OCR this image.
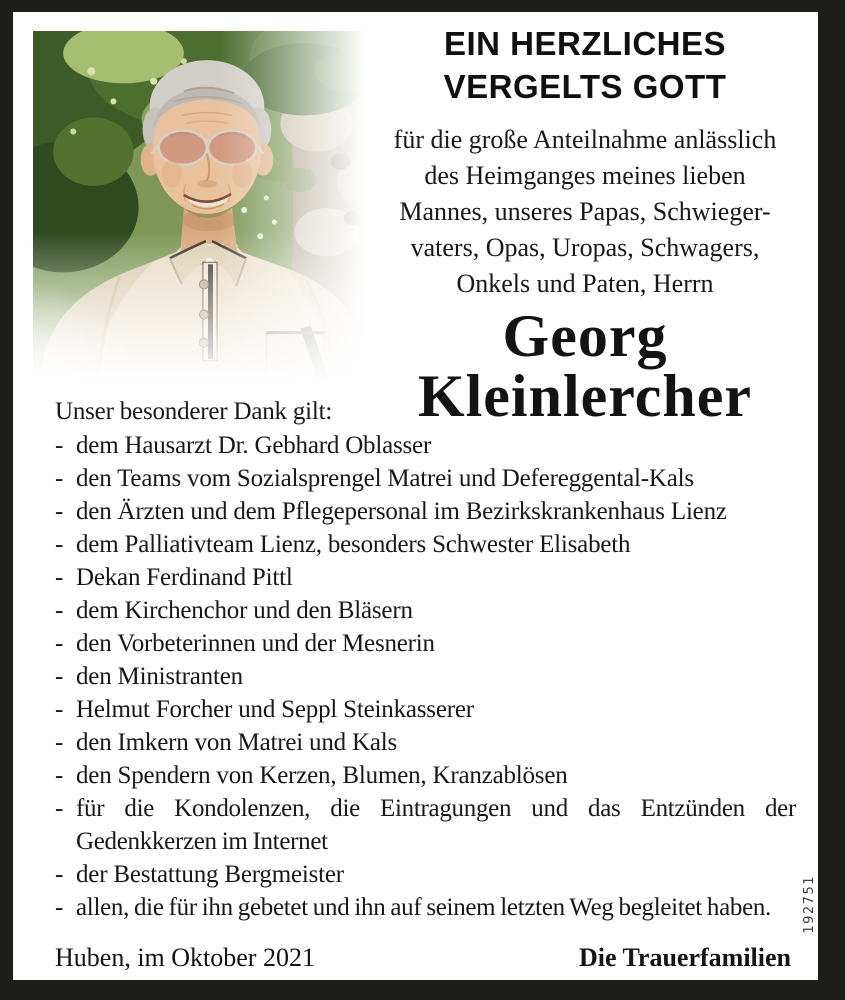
EIN HERZLICHES
VERGELTS GOTT
für die große Anteilnahme anlässlich
des Heimganges meines lieben
Mannes, unseres Papas, Schwieger-
vaters, Opas, Uropas, Schwagers,
Onkels und Paten, Herrn
Georg
Kleinlercher

Unser besonderer Dank gilt:

- dem Hausarzt Dr. Gebhard Oblasser
- den Teams vom Sozialsprengel Matrei und Defereggental-Kals
- den Ärzten und dem Pflegepersonal im Bezirkskrankenhaus Lienz
- dem Palliativteam Lienz, besonders Schwester Elisabeth
- Dekan Ferdinand Pittl
- dem Kirchenchor und den Bläsern
- den Vorbeterinnen und der Mesnerin
- den Ministranten
- Helmut Forcher und Seppl Steinkasserer
- den Imkern von Matrei und Kals
- den Spendern von Kerzen, Blumen, Kranzablösen
- für die Kondolenzen, die Eintragungen und das Entzünden der Gedenkkerzen im Internet
- der Bestattung Bergmeister
- allen, die für ihn gebetet und ihn auf seinem letzten Weg begleitet haben.
Huben, im Oktober 2021	Die Trauerfamilien
192751
